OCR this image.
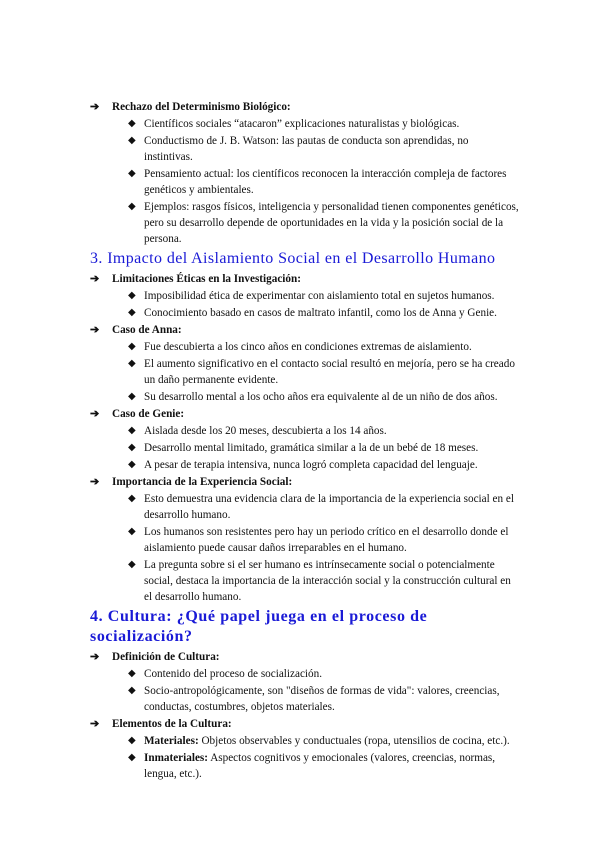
➔ Rechazo del Determinismo Biológico:
◆ Científicos sociales “atacaron” explicaciones naturalistas y biológicas.
◆ Conductismo de J. B. Watson: las pautas de conducta son aprendidas, no instintivas.
◆ Pensamiento actual: los científicos reconocen la interacción compleja de factores genéticos y ambientales.
◆ Ejemplos: rasgos físicos, inteligencia y personalidad tienen componentes genéticos, pero su desarrollo depende de oportunidades en la vida y la posición social de la persona.
3. Impacto del Aislamiento Social en el Desarrollo Humano
➔ Limitaciones Éticas en la Investigación:
◆ Imposibilidad ética de experimentar con aislamiento total en sujetos humanos.
◆ Conocimiento basado en casos de maltrato infantil, como los de Anna y Genie.
➔ Caso de Anna:
◆ Fue descubierta a los cinco años en condiciones extremas de aislamiento.
◆ El aumento significativo en el contacto social resultó en mejoría, pero se ha creado un daño permanente evidente.
◆ Su desarrollo mental a los ocho años era equivalente al de un niño de dos años.
➔ Caso de Genie:
◆ Aislada desde los 20 meses, descubierta a los 14 años.
◆ Desarrollo mental limitado, gramática similar a la de un bebé de 18 meses.
◆ A pesar de terapia intensiva, nunca logró completa capacidad del lenguaje.
➔ Importancia de la Experiencia Social:
◆ Esto demuestra una evidencia clara de la importancia de la experiencia social en el desarrollo humano.
◆ Los humanos son resistentes pero hay un periodo crítico en el desarrollo donde el aislamiento puede causar daños irreparables en el humano.
◆ La pregunta sobre si el ser humano es intrínsecamente social o potencialmente social, destaca la importancia de la interacción social y la construcción cultural en el desarrollo humano.
4. Cultura: ¿Qué papel juega en el proceso de socialización?
➔ Definición de Cultura:
◆ Contenido del proceso de socialización.
◆ Socio-antropológicamente, son "diseños de formas de vida": valores, creencias, conductas, costumbres, objetos materiales.
➔ Elementos de la Cultura:
◆ Materiales: Objetos observables y conductuales (ropa, utensilios de cocina, etc.).
◆ Inmateriales: Aspectos cognitivos y emocionales (valores, creencias, normas, lengua, etc.).
